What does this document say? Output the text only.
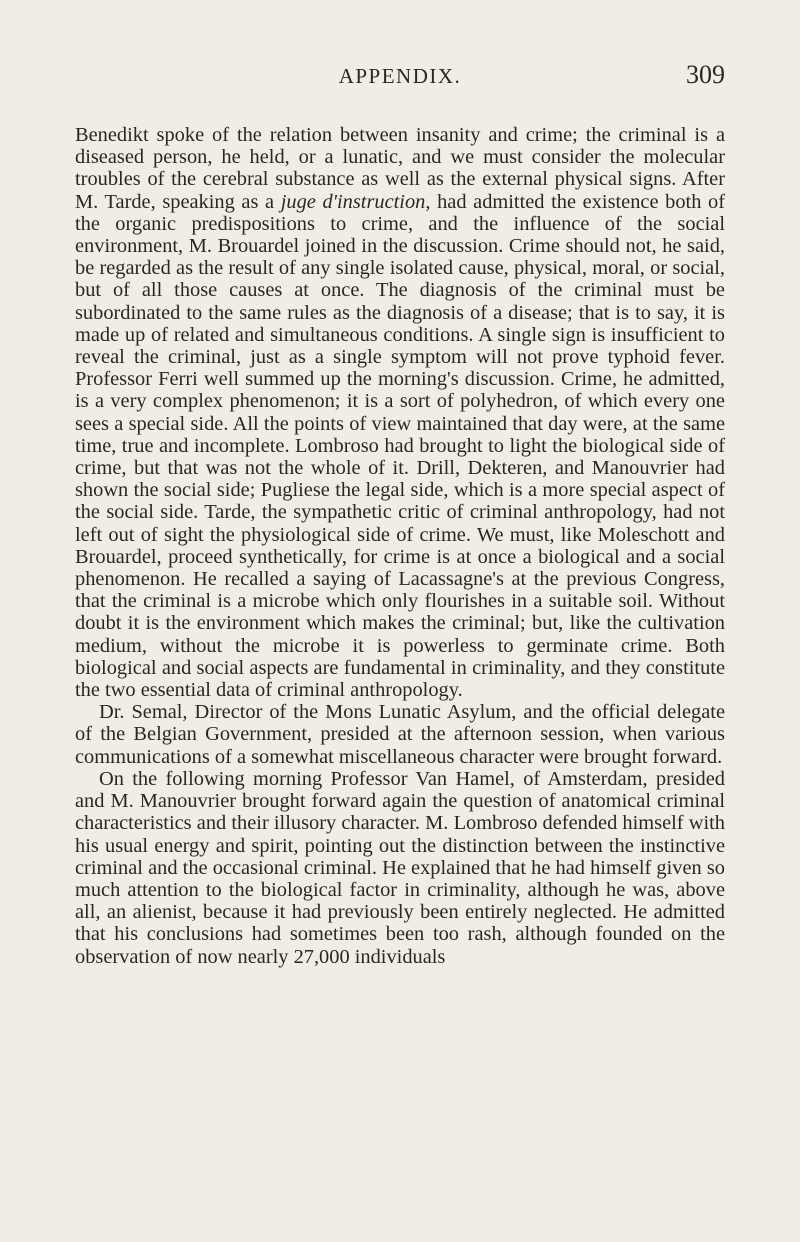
APPENDIX.	309

Benedikt spoke of the relation between insanity and crime; the criminal is a diseased person, he held, or a lunatic, and we must consider the molecular troubles of the cerebral substance as well as the external physical signs. After M. Tarde, speaking as a juge d'instruction, had admitted the existence both of the organic predispositions to crime, and the influence of the social environment, M. Brouardel joined in the discussion. Crime should not, he said, be regarded as the result of any single isolated cause, physical, moral, or social, but of all those causes at once. The diagnosis of the criminal must be subordinated to the same rules as the diagnosis of a disease; that is to say, it is made up of related and simultaneous conditions. A single sign is insufficient to reveal the criminal, just as a single symptom will not prove typhoid fever. Professor Ferri well summed up the morning's discussion. Crime, he admitted, is a very complex phenomenon; it is a sort of polyhedron, of which every one sees a special side. All the points of view maintained that day were, at the same time, true and incomplete. Lombroso had brought to light the biological side of crime, but that was not the whole of it. Drill, Dekteren, and Manouvrier had shown the social side; Pugliese the legal side, which is a more special aspect of the social side. Tarde, the sympathetic critic of criminal anthropology, had not left out of sight the physiological side of crime. We must, like Moleschott and Brouardel, proceed synthetically, for crime is at once a biological and a social phenomenon. He recalled a saying of Lacassagne's at the previous Congress, that the criminal is a microbe which only flourishes in a suitable soil. Without doubt it is the environment which makes the criminal; but, like the cultivation medium, without the microbe it is powerless to germinate crime. Both biological and social aspects are fundamental in criminality, and they constitute the two essential data of criminal anthropology.

Dr. Semal, Director of the Mons Lunatic Asylum, and the official delegate of the Belgian Government, presided at the afternoon session, when various communications of a somewhat miscellaneous character were brought forward.

On the following morning Professor Van Hamel, of Amsterdam, presided and M. Manouvrier brought forward again the question of anatomical criminal characteristics and their illusory character. M. Lombroso defended himself with his usual energy and spirit, pointing out the distinction between the instinctive criminal and the occasional criminal. He explained that he had himself given so much attention to the biological factor in criminality, although he was, above all, an alienist, because it had previously been entirely neglected. He admitted that his conclusions had sometimes been too rash, although founded on the observation of now nearly 27,000 individuals
